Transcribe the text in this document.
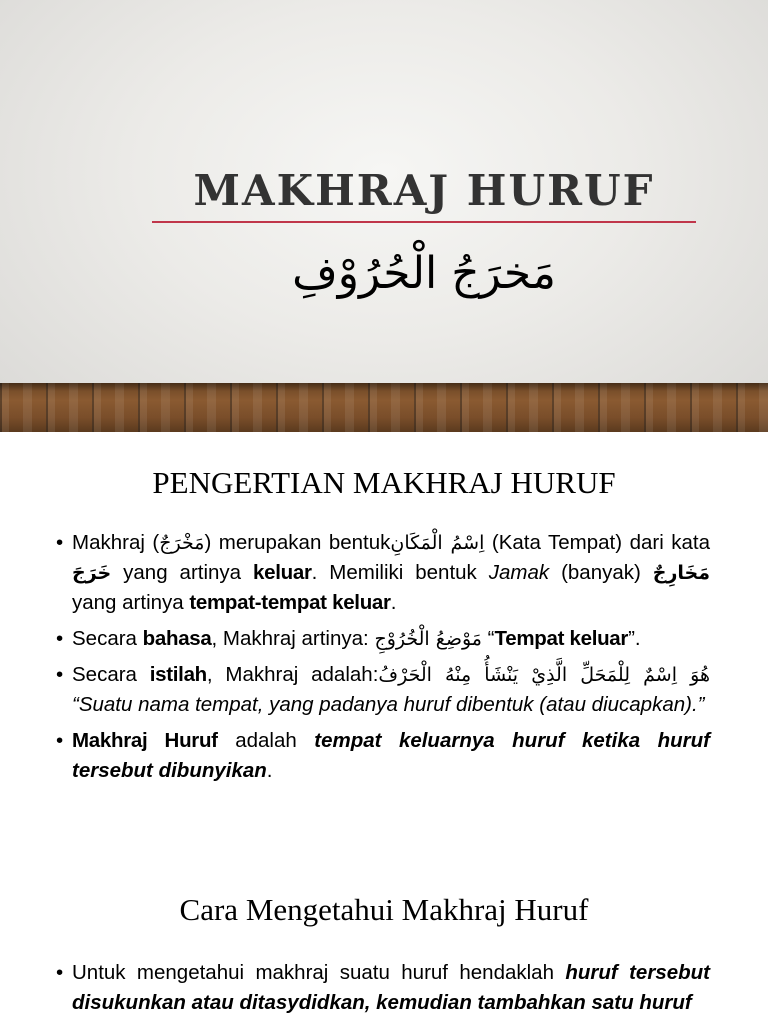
MAKHRAJ HURUF
مَخرَجُ الْحُرُوْفِ
PENGERTIAN MAKHRAJ HURUF
• Makhraj (مَخْرَجٌ) merupakan bentukاِسْمُ الْمَكَانِ (Kata Tempat) dari kata خَرَجَ yang artinya keluar. Memiliki bentuk Jamak (banyak) مَخَارِجٌ yang artinya tempat-tempat keluar.
• Secara bahasa, Makhraj artinya: مَوْضِعُ الْخُرُوْجِ “Tempat keluar”.
• Secara istilah, Makhraj adalah:هُوَ اِسْمٌ لِلْمَحَلِّ الَّذِيْ يَنْشَأُ مِنْهُ الْحَرْفُ “Suatu nama tempat, yang padanya huruf dibentuk (atau diucapkan).”
• Makhraj Huruf adalah tempat keluarnya huruf ketika huruf tersebut dibunyikan.
Cara Mengetahui Makhraj Huruf
• Untuk mengetahui makhraj suatu huruf hendaklah huruf tersebut disukunkan atau ditasydidkan, kemudian tambahkan satu huruf
